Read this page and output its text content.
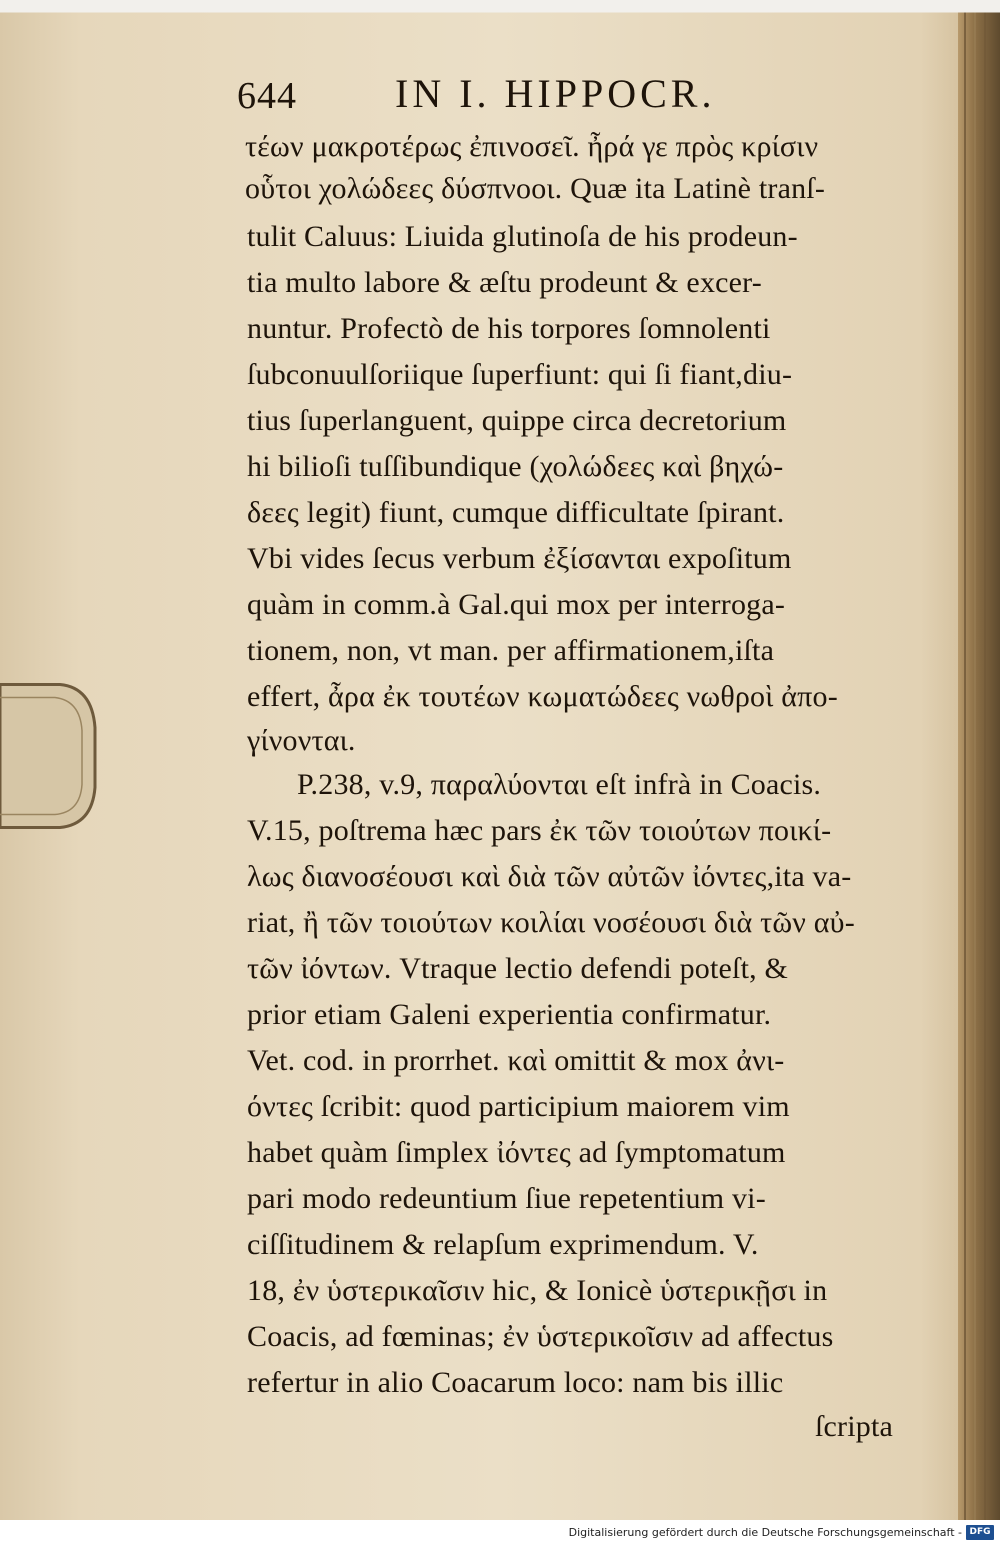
644 IN I. HIPPOCR.
τέων μακροτέρως ἐπινοσεῖ. ἦρά γε πρὸς κρίσιν
οὗτοι χολώδεες δύσπνοοι. Quæ ita Latinè tranſ-
tulit Caluus: Liuida glutinoſa de his prodeun-
tia multo labore & æſtu prodeunt & excer-
nuntur. Profectò de his torpores ſomnolenti
ſubconuulſoriique ſuperfiunt: qui ſi fiant,diu-
tius ſuperlanguent, quippe circa decretorium
hi bilioſi tuſſibundique (χολώδεες καὶ βηχώ-
δεες legit) fiunt, cumque difficultate ſpirant.
Vbi vides ſecus verbum ἐξίσανται expoſitum
quàm in comm.à Gal.qui mox per interroga-
tionem, non, vt man. per affirmationem,iſta
effert, ἆρα ἐκ τουτέων κωματώδεες νωθροὶ ἀπο-
γίνονται.
P.238, v.9, παραλύονται eſt infrà in Coacis.
V.15, poſtrema hæc pars ἐκ τῶν τοιούτων ποικί-
λως διανοσέουσι καὶ διὰ τῶν αὐτῶν ἰόντες,ita va-
riat, ἢ τῶν τοιούτων κοιλίαι νοσέουσι διὰ τῶν αὐ-
τῶν ἰόντων. Vtraque lectio defendi poteſt, &
prior etiam Galeni experientia confirmatur.
Vet. cod. in prorrhet. καὶ omittit & mox ἀνι-
όντες ſcribit: quod participium maiorem vim
habet quàm ſimplex ἰόντες ad ſymptomatum
pari modo redeuntium ſiue repetentium vi-
ciſſitudinem & relapſum exprimendum. V.
18, ἐν ὑστερικαῖσιν hic, & Ionicè ὑστερικῇσι in
Coacis, ad fœminas; ἐν ὑστερικοῖσιν ad affectus
refertur in alio Coacarum loco: nam bis illic
ſcripta
Digitalisierung gefördert durch die Deutsche Forschungsgemeinschaft - DFG
